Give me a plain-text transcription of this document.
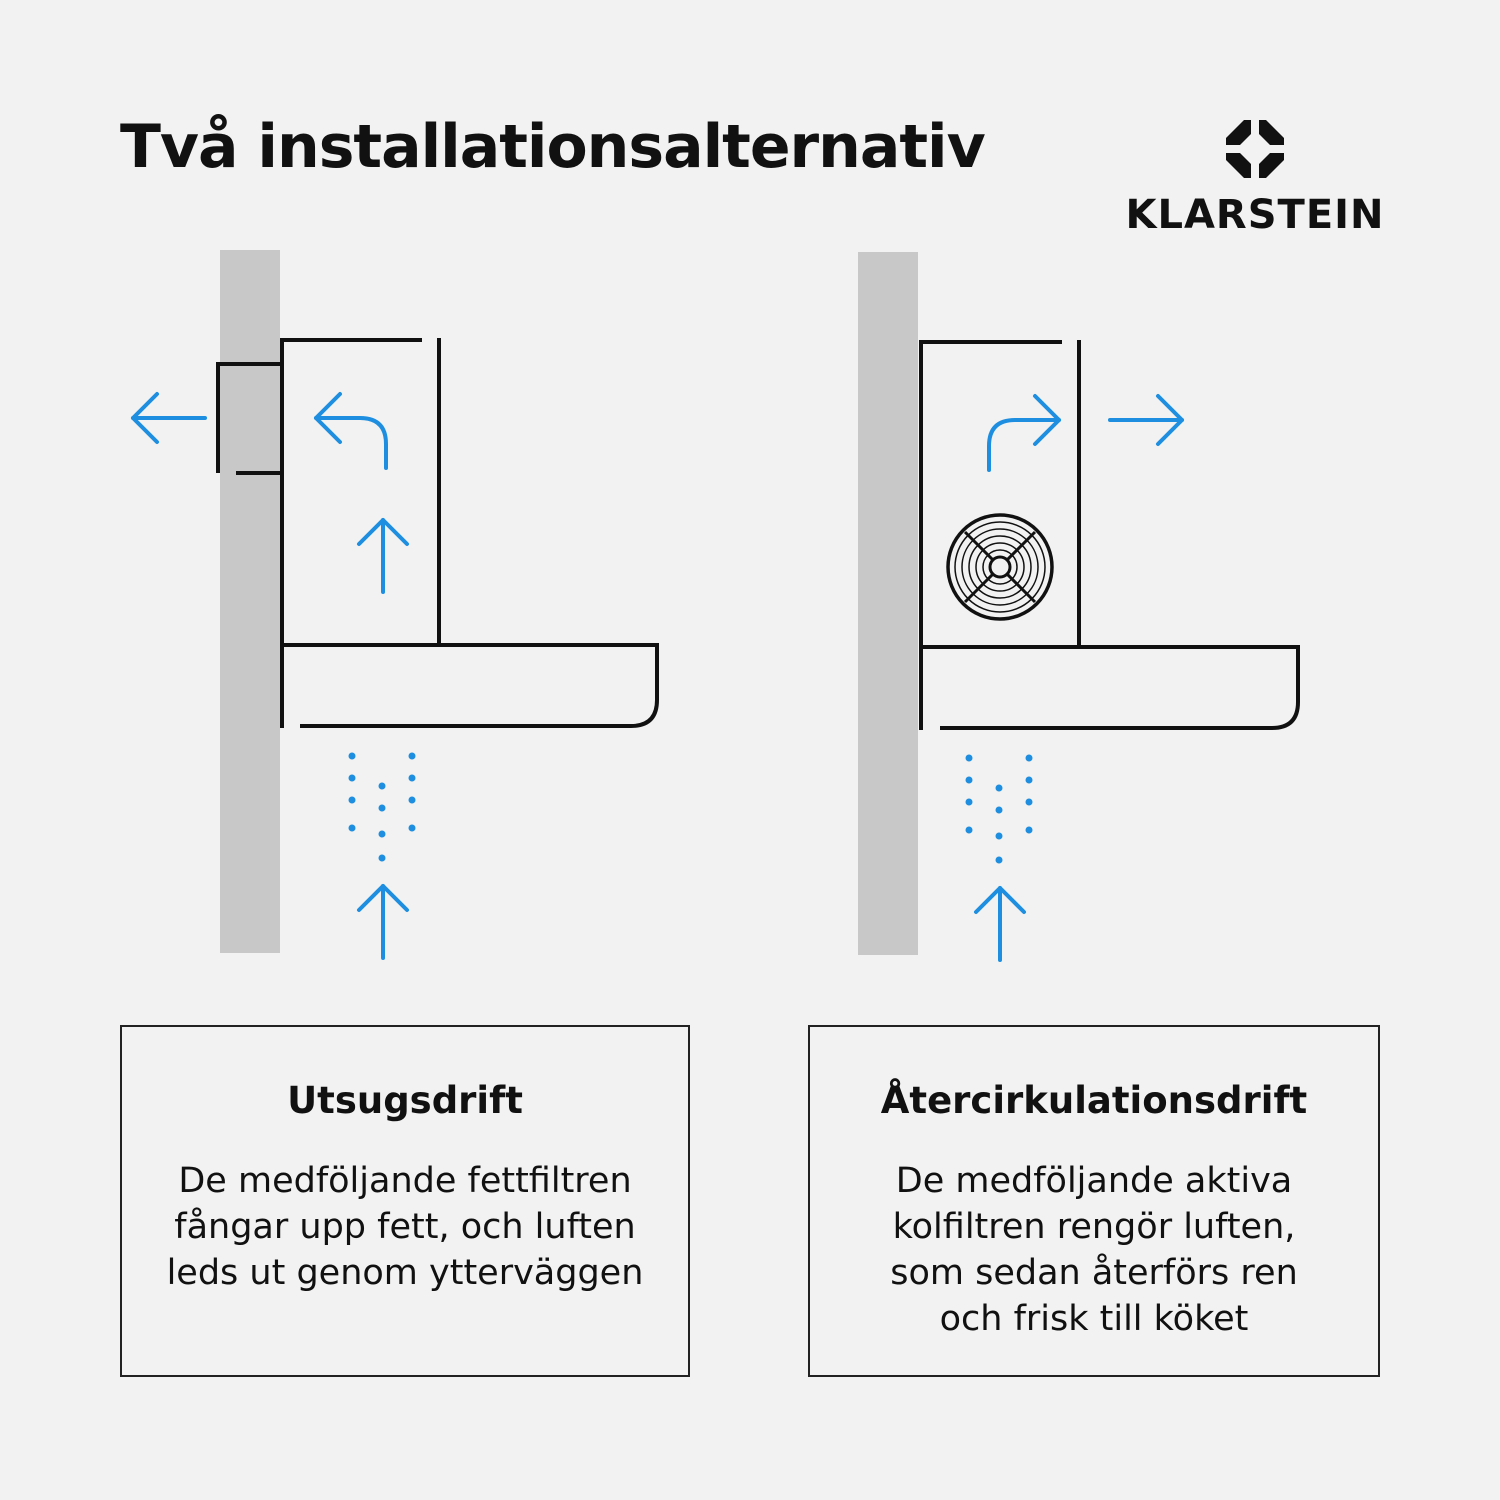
Två installationsalternativ
KLARSTEIN
Utsugsdrift

De medföljande fettfiltren
fångar upp fett, och luften
leds ut genom ytterväggen

Återcirkulationsdrift

De medföljande aktiva
kolfiltren rengör luften,
som sedan återförs ren
och frisk till köket
